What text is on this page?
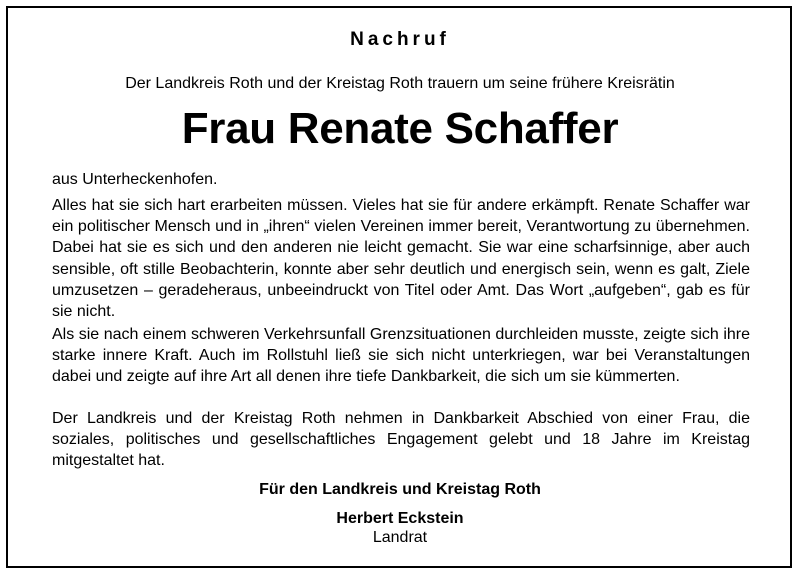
Nachruf
Der Landkreis Roth und der Kreistag Roth trauern um seine frühere Kreisrätin
Frau Renate Schaffer
aus Unterheckenhofen.
Alles hat sie sich hart erarbeiten müssen. Vieles hat sie für andere erkämpft. Renate Schaffer war ein politischer Mensch und in „ihren“ vielen Vereinen immer bereit, Verantwortung zu übernehmen. Dabei hat sie es sich und den anderen nie leicht gemacht. Sie war eine scharfsinnige, aber auch sensible, oft stille Beobachterin, konnte aber sehr deutlich und energisch sein, wenn es galt, Ziele umzusetzen – geradeheraus, unbeeindruckt von Titel oder Amt. Das Wort „aufgeben“, gab es für sie nicht.
Als sie nach einem schweren Verkehrsunfall Grenzsituationen durchleiden musste, zeigte sich ihre starke innere Kraft. Auch im Rollstuhl ließ sie sich nicht unterkriegen, war bei Veranstaltungen dabei und zeigte auf ihre Art all denen ihre tiefe Dankbarkeit, die sich um sie kümmerten.
Der Landkreis und der Kreistag Roth nehmen in Dankbarkeit Abschied von einer Frau, die soziales, politisches und gesellschaftliches Engagement gelebt und 18 Jahre im Kreistag mitgestaltet hat.
Für den Landkreis und Kreistag Roth
Herbert Eckstein
Landrat
